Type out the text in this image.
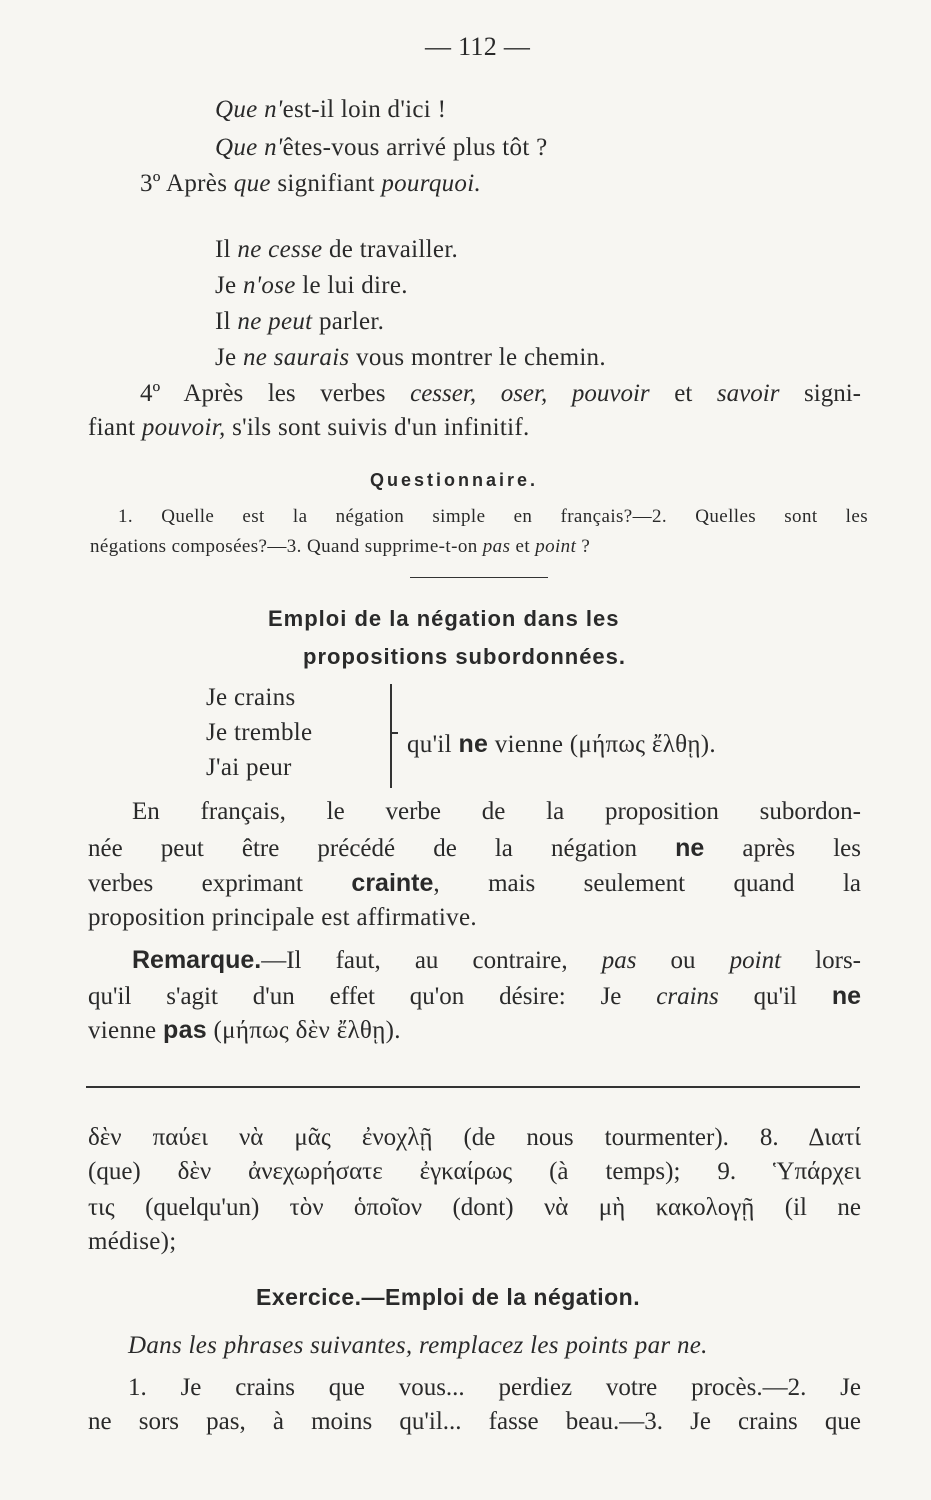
— 112 —
Que n'est-il loin d'ici !
Que n'êtes-vous arrivé plus tôt ?
3º Après que signifiant pourquoi.
Il ne cesse de travailler.
Je n'ose le lui dire.
Il ne peut parler.
Je ne saurais vous montrer le chemin.
4º Après les verbes cesser, oser, pouvoir et savoir signi-
fiant pouvoir, s'ils sont suivis d'un infinitif.
Questionnaire.
1. Quelle est la négation simple en français?—2. Quelles sont les
négations composées?—3. Quand supprime-t-on pas et point ?
Emploi de la négation dans les
propositions subordonnées.
Je crains
Je tremble
J'ai peur
qu'il ne vienne (μήπως ἔλθῃ).
En français, le verbe de la proposition subordon-
née peut être précédé de la négation ne après les
verbes exprimant crainte, mais seulement quand la
proposition principale est affirmative.
Remarque.—Il faut, au contraire, pas ou point lors-
qu'il s'agit d'un effet qu'on désire: Je crains qu'il ne
vienne pas (μήπως δὲν ἔλθῃ).
δὲν παύει νὰ μᾶς ἐνοχλῇ (de nous tourmenter). 8. Διατί
(que) δὲν ἀνεχωρήσατε ἐγκαίρως (à temps); 9. Ὑπάρχει
τις (quelqu'un) τὸν ὁποῖον (dont) νὰ μὴ κακολογῇ (il ne
médise);
Exercice.—Emploi de la négation.
Dans les phrases suivantes, remplacez les points par ne.
1. Je crains que vous... perdiez votre procès.—2. Je
ne sors pas, à moins qu'il... fasse beau.—3. Je crains que
